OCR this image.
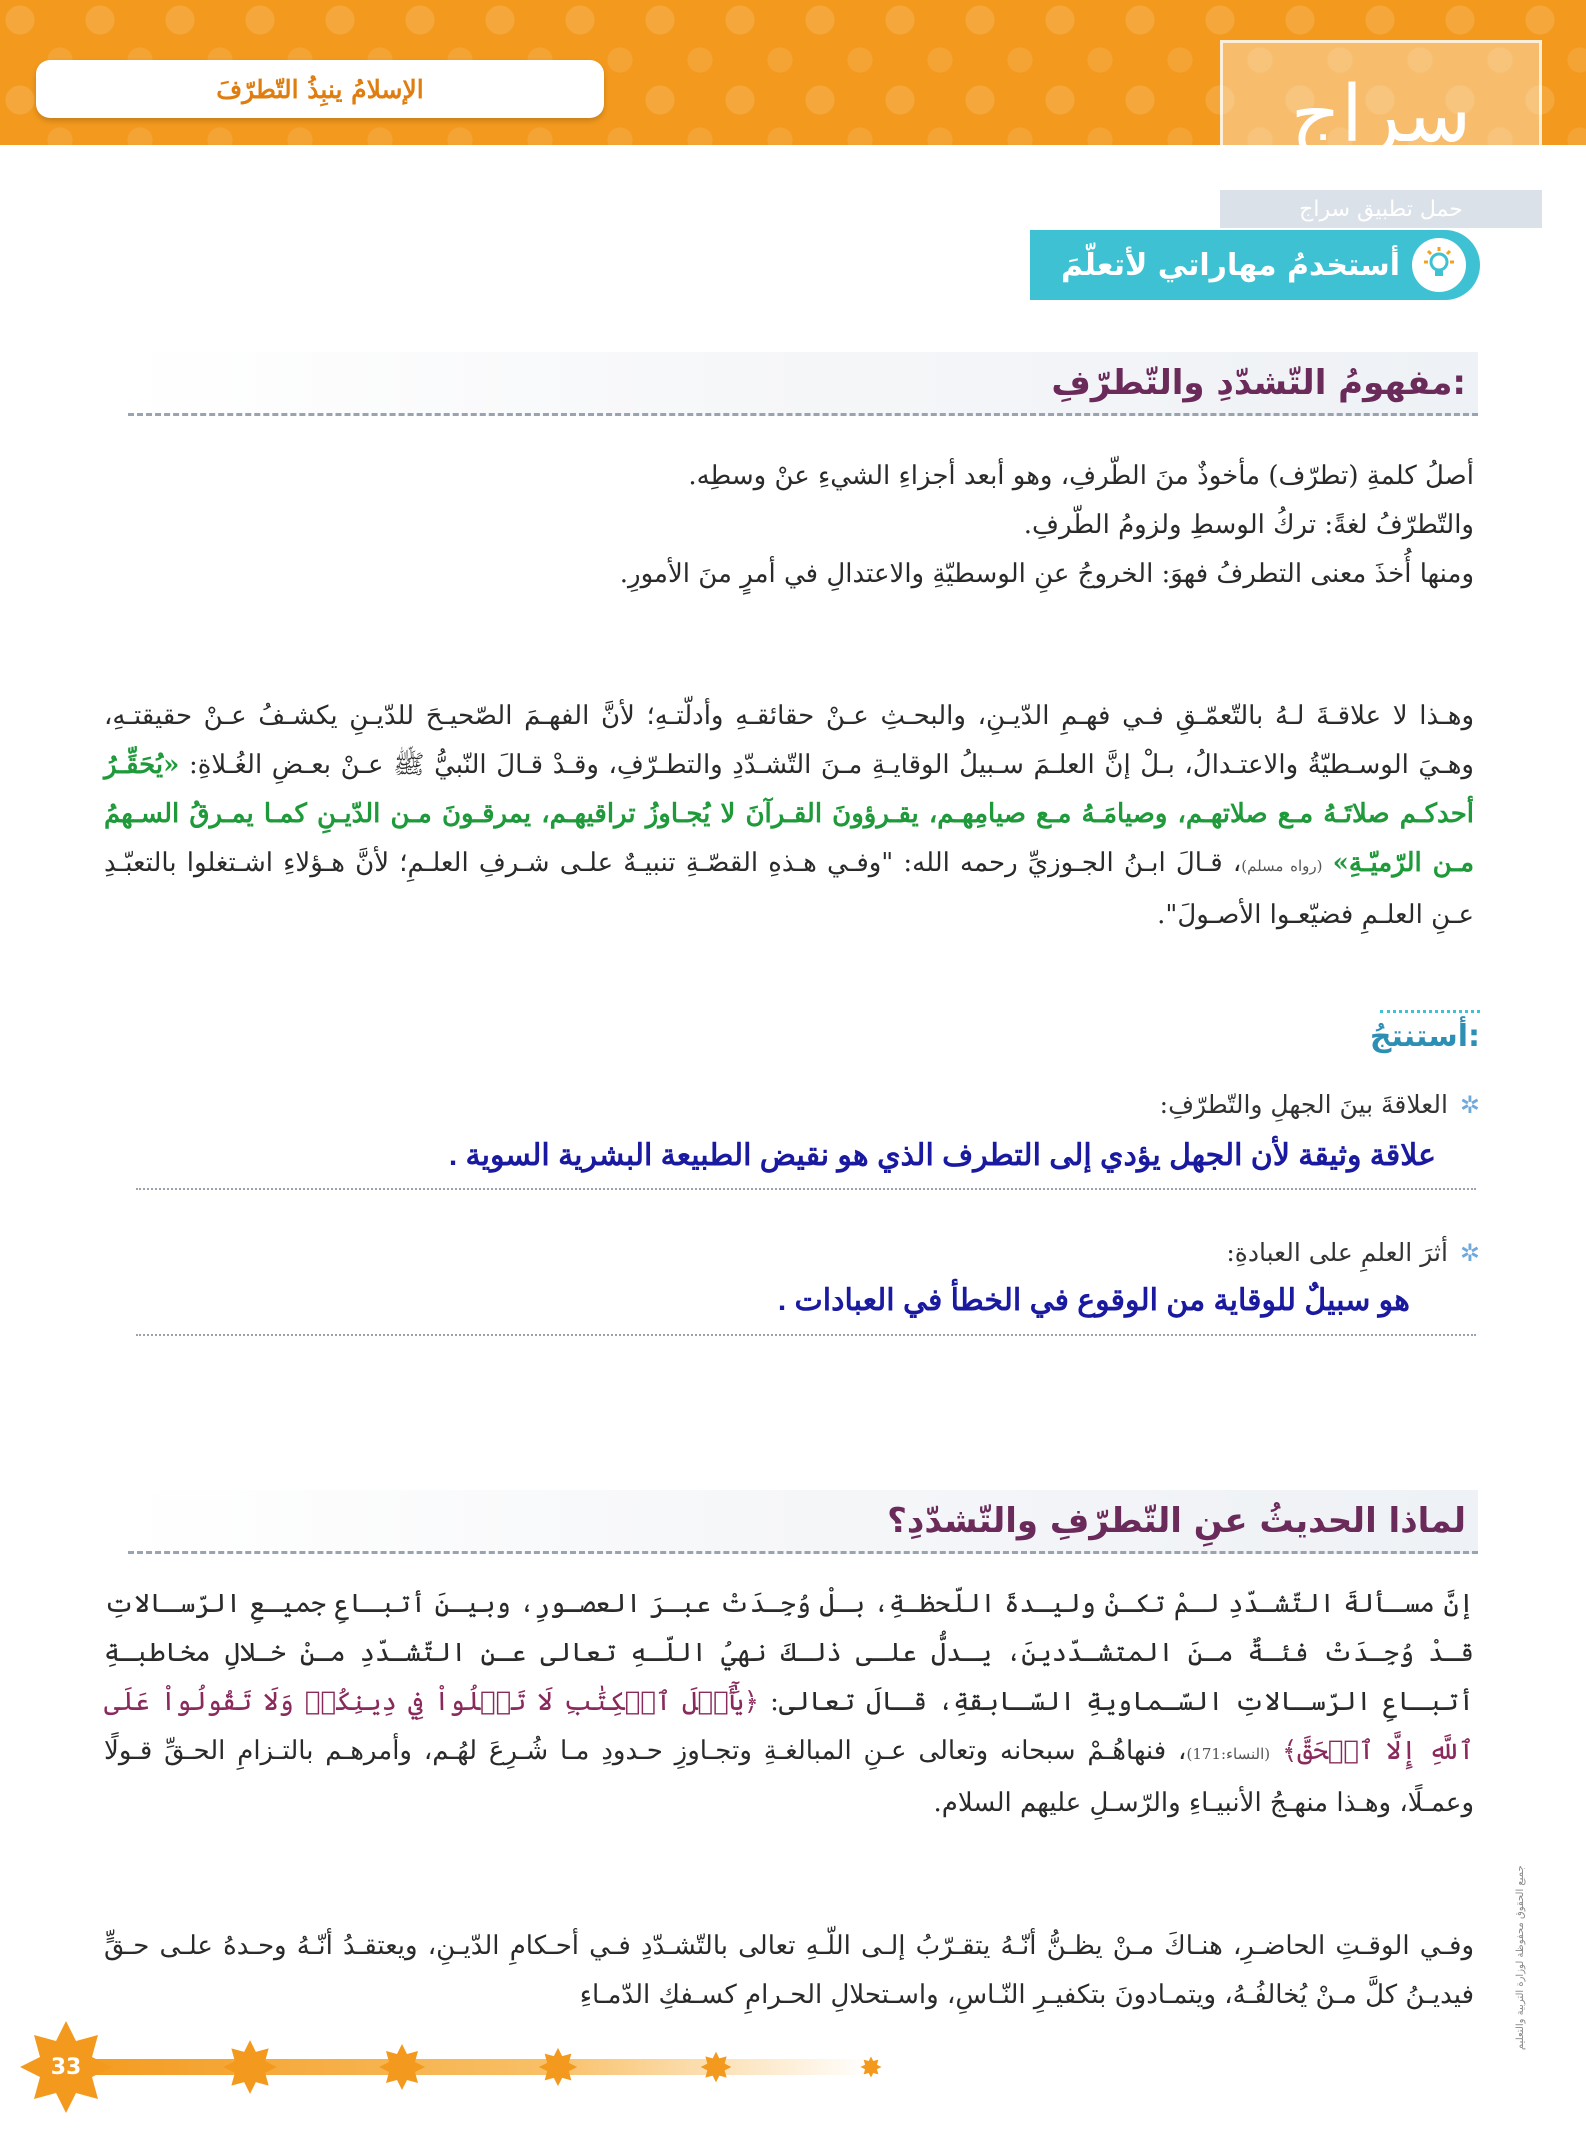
الإسلامُ ينبِذُ التّطرّفَ	سراج
حمل تطبيق سراج
أستخدمُ مهاراتي لأتعلّمَ
مفهومُ التّشدّدِ والتّطرّفِ:
أصلُ كلمةِ (تطرّف) مأخوذٌ منَ الطّرفِ، وهو أبعد أجزاءِ الشيءِ عنْ وسطِه.
والتّطرّفُ لغةً: تركُ الوسطِ ولزومُ الطّرفِ.
ومنها أُخذَ معنى التطرفُ فهوَ: الخروجُ عنِ الوسطيّةِ والاعتدالِ في أمرٍ منَ الأمورِ.
وهـذا لا علاقـةَ لـهُ بالتّعمّـقِ فـي فهـمِ الدّيـنِ، والبحـثِ عـنْ حقائقـهِ وأدلّتـهِ؛ لأنَّ الفهـمَ الصّحيـحَ للدّيـنِ يكشـفُ عـنْ حقيقتـهِ، وهـيَ الوسـطيّةُ والاعتـدالُ، بـلْ إنَّ العلـمَ سـبيلُ الوقايـةِ مـنَ التّشـدّدِ والتطـرّفِ، وقـدْ قـالَ النّبيُّ ﷺ عـنْ بعـضِ الغُـلاةِ: «يُحَقِّـرُ أحدكـم صلاتَـهُ مـع صلاتهـم، وصيامَـهُ مـع صيامِهـم، يقـرؤونَ القـرآنَ لا يُجـاوزُ تراقيهـم، يمرقـونَ مـن الدّيـنِ كمـا يمـرقُ السـهمُ مـن الرّميّـةِ» (رواه مسلم)، قـالَ ابـنُ الجـوزيِّ رحمه الله: "وفـي هـذهِ القصّـةِ تنبيـهٌ علـى شـرفِ العلـمِ؛ لأنَّ هـؤلاءِ اشـتغلوا بالتعبّـدِ عـنِ العلـمِ فضيّعـوا الأصـولَ".
أستنتجُ:
✲
العلاقةَ بينَ الجهلِ والتّطرّفِ:
علاقة وثيقة لأن الجهل يؤدي إلى التطرف الذي هو نقيض الطبيعة البشرية السوية .
✲
أثرَ العلمِ على العبادةِ:
هو سبيلٌ للوقاية من الوقوع في الخطأ في العبادات .
لماذا الحديثُ عنِ التّطرّفِ والتّشدّدِ؟
إنَّ مسـألةَ التّشـدّدِ لـمْ تكـنْ وليـدةَ اللّحظـةِ، بـلْ وُجِـدَتْ عبـرَ العصـورِ، وبيـنَ أتبـاعِ جميـعِ الرّسـالاتِ قـدْ وُجِـدَتْ فئـةٌ مـنَ المتشـدّدينَ، يـدلُّ علـى ذلـكَ نهيُ اللّـهِ تعالى عـنِ التّشـدّدِ مـنْ خـلالِ مخاطبـةِ أتبـاعِ الرّسـالاتِ السّـماويةِ السّـابقةِ، قـالَ تعالى: ﴿يَٰٓأَهۡلَ ٱلۡكِتَٰبِ لَا تَغۡلُواْ فِي دِينِكُمۡ وَلَا تَقُولُواْ عَلَى ٱللَّهِ إِلَّا ٱلۡحَقَّ﴾ (النساء:171)، فنهاهُـمْ سبحانه وتعالى عـنِ المبالغـةِ وتجـاوزِ حـدودِ مـا شُـرِعَ لهُـم، وأمرهـم بالتـزامِ الحـقِّ قـولًا وعمـلًا، وهـذا منهـجُ الأنبيـاءِ والرّسـلِ عليهم السلام.
وفـي الوقـتِ الحاضـرِ، هنـاكَ مـنْ يظـنُّ أنّـهُ يتقـرّبُ إلـى اللّـهِ تعالى بالتّشـدّدِ فـي أحـكامِ الدّيـنِ، ويعتقـدُ أنّـهُ وحـدهُ علـى حـقٍّ فيديـنُ كلَّ مـنْ يُخالفُـهُ، ويتمـادونَ بتكفيـرِ النّـاسِ، واسـتحلالِ الحـرامِ كسـفكِ الدّمـاءِ	جميع الحقوق محفوظة لوزارة التربية والتعليم
33
